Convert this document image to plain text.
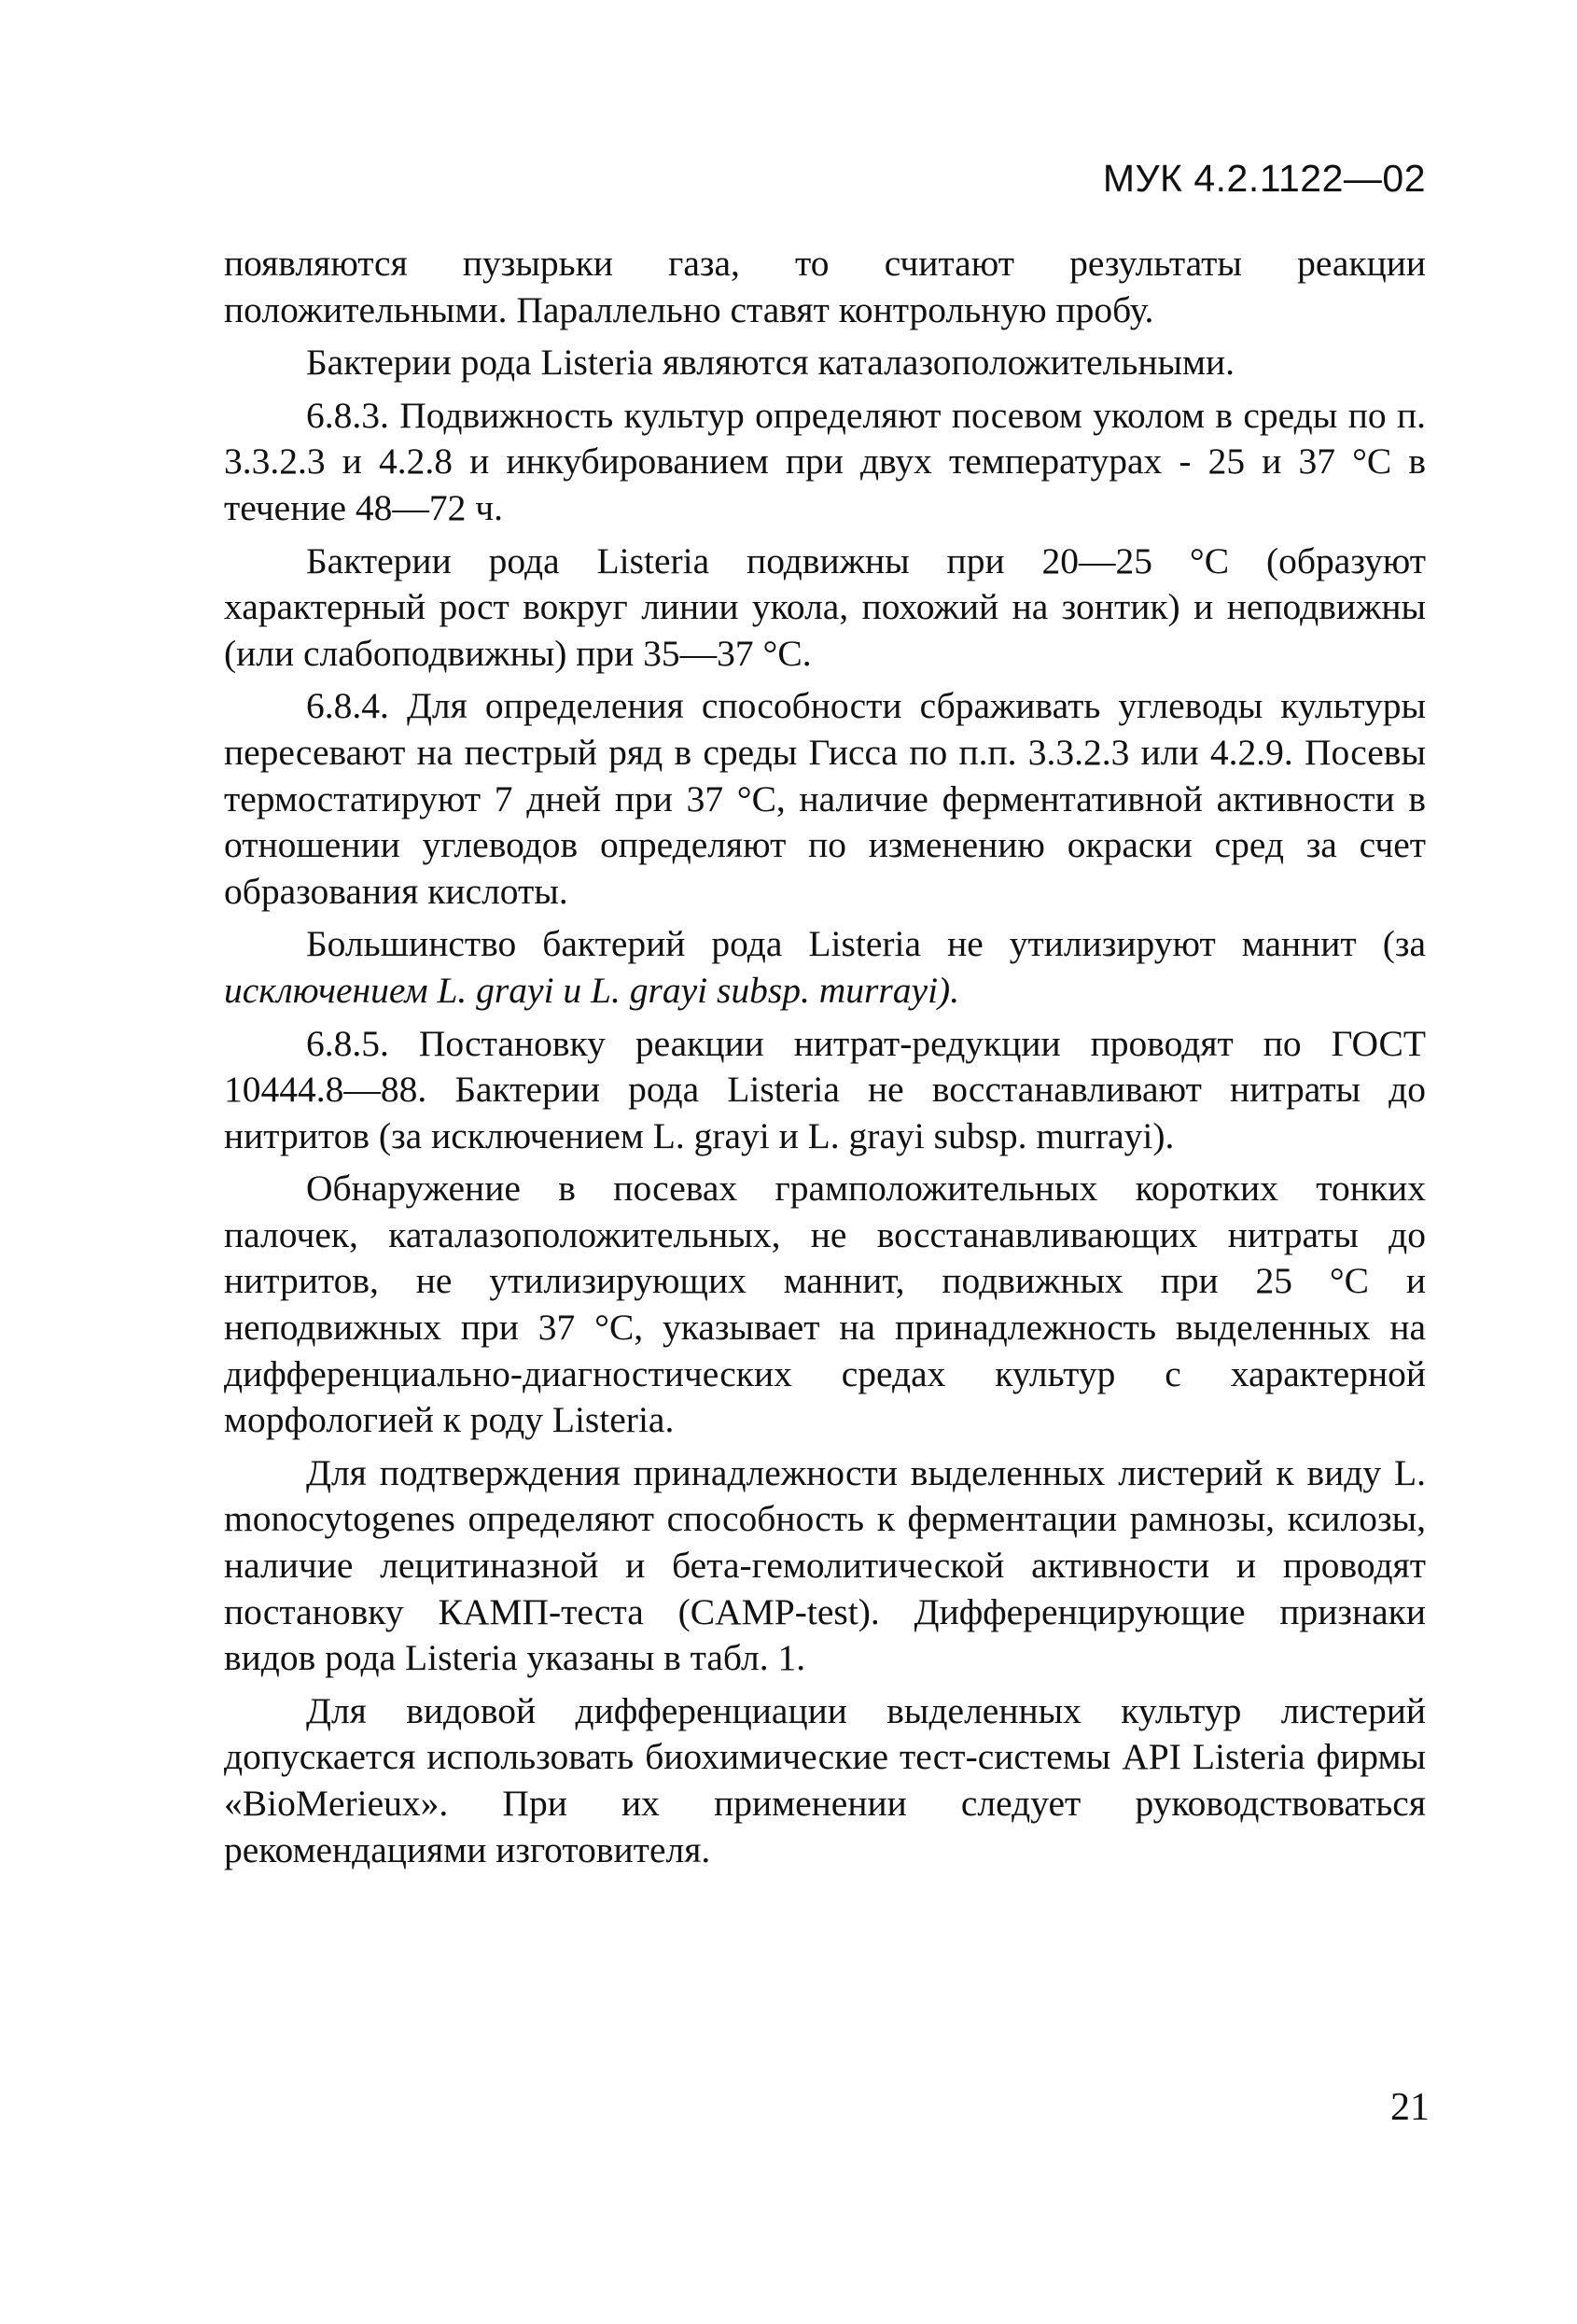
МУК 4.2.1122—02

появляются пузырьки газа, то считают результаты реакции положительными. Параллельно ставят контрольную пробу.

Бактерии рода Listeria являются каталазоположительными.

6.8.3. Подвижность культур определяют посевом уколом в среды по п. 3.3.2.3 и 4.2.8 и инкубированием при двух температурах - 25 и 37 °С в течение 48—72 ч.

Бактерии рода Listeria подвижны при 20—25 °С (образуют характерный рост вокруг линии укола, похожий на зонтик) и неподвижны (или слабоподвижны) при 35—37 °С.

6.8.4. Для определения способности сбраживать углеводы культуры пересевают на пестрый ряд в среды Гисса по п.п. 3.3.2.3 или 4.2.9. Посевы термостатируют 7 дней при 37 °С, наличие ферментативной активности в отношении углеводов определяют по изменению окраски сред за счет образования кислоты.

Большинство бактерий рода Listeria не утилизируют маннит (за исключением L. grayi и L. grayi subsp. murrayi).

6.8.5. Постановку реакции нитрат-редукции проводят по ГОСТ 10444.8—88. Бактерии рода Listeria не восстанавливают нитраты до нитритов (за исключением L. grayi и L. grayi subsp. murrayi).

Обнаружение в посевах грамположительных коротких тонких палочек, каталазоположительных, не восстанавливающих нитраты до нитритов, не утилизирующих маннит, подвижных при 25 °С и неподвижных при 37 °С, указывает на принадлежность выделенных на дифференциально-диагностических средах культур с характерной морфологией к роду Listeria.

Для подтверждения принадлежности выделенных листерий к виду L. monocytogenes определяют способность к ферментации рамнозы, ксилозы, наличие лецитиназной и бета-гемолитической активности и проводят постановку КАМП-теста (CAMP-test). Дифференцирующие признаки видов рода Listeria указаны в табл. 1.

Для видовой дифференциации выделенных культур листерий допускается использовать биохимические тест-системы API Listeria фирмы «BioMerieux». При их применении следует руководствоваться рекомендациями изготовителя.

21
